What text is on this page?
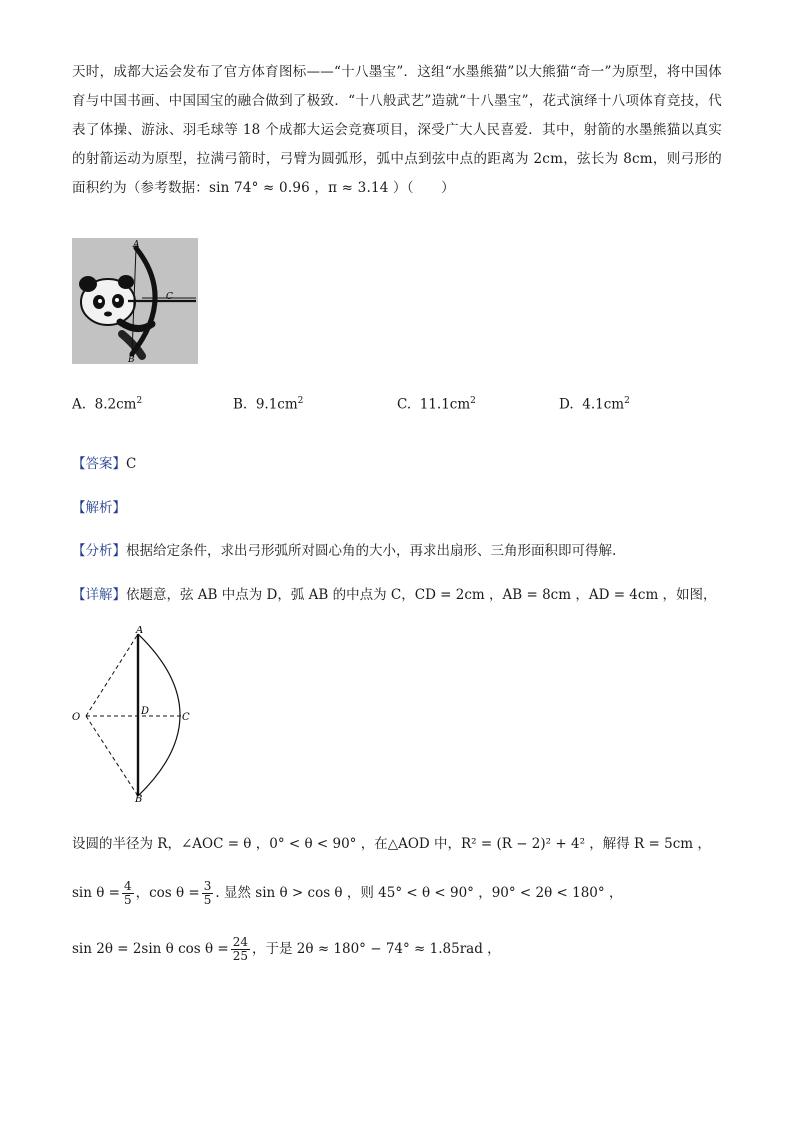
天时，成都大运会发布了官方体育图标——“十八墨宝”．这组“水墨熊猫”以大熊猫“奇一”为原型，将中国体育与中国书画、中国国宝的融合做到了极致．“十八般武艺”造就“十八墨宝”，花式演绎十八项体育竞技，代表了体操、游泳、羽毛球等 18 个成都大运会竞赛项目，深受广大人民喜爱．其中，射箭的水墨熊猫以真实的射箭运动为原型，拉满弓箭时，弓臂为圆弧形，弧中点到弦中点的距离为 2cm，弦长为 8cm，则弓形的面积约为（参考数据：sin 74° ≈ 0.96 ，π ≈ 3.14 ）（　　）
A
C
B
A. $8.2cm^2$	B. $9.1cm^2$	C. $11.1cm^2$	D. $4.1cm^2$
【答案】C
【解析】
【分析】根据给定条件，求出弓形弧所对圆心角的大小，再求出扇形、三角形面积即可得解.
【详解】依题意，弦 AB 中点为 D，弧 AB 的中点为 C，CD = 2cm ，AB = 8cm ，AD = 4cm ，如图，
A
O
D
C
B
设圆的半径为 R，∠AOC = θ ，0° < θ < 90° ，在△AOD 中，R² = (R − 2)² + 4² ，解得 R = 5cm ，
$\sin \theta = \frac{4}{5}$ ，$\cos \theta = \frac{3}{5}$ . 显然 sin θ > cos θ ，则 45° < θ < 90° ，90° < 2θ < 180° ，
sin 2θ = 2sin θ $\cos \theta = \frac{24}{25}$ ，于是 2θ ≈ 180° − 74° ≈ 1.85rad ，
